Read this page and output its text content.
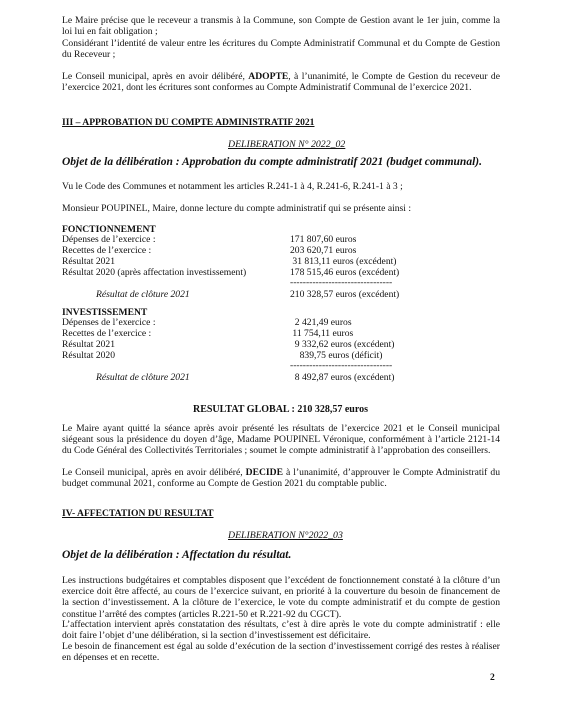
Le Maire précise que le receveur a transmis à la Commune, son Compte de Gestion avant le 1er juin, comme la loi lui en fait obligation ;
Considérant l’identité de valeur entre les écritures du Compte Administratif Communal et du Compte de Gestion du Receveur ;
Le Conseil municipal, après en avoir délibéré, ADOPTE, à l’unanimité, le Compte de Gestion du receveur de l’exercice 2021, dont les écritures sont conformes au Compte Administratif Communal de l’exercice 2021.
III – APPROBATION DU COMPTE ADMINISTRATIF 2021
DELIBERATION N° 2022_02
Objet de la délibération : Approbation du compte administratif 2021 (budget communal).
Vu le Code des Communes et notamment les articles R.241-1 à 4, R.241-6, R.241-1 à 3 ;
Monsieur POUPINEL, Maire, donne lecture du compte administratif qui se présente ainsi :
FONCTIONNEMENT
Dépenses de l’exercice :	171 807,60 euros
Recettes de l’exercice :	203 620,71 euros
Résultat 2021	31 813,11 euros (excédent)
Résultat 2020 (après affectation investissement)	178 515,46 euros (excédent)
--------------------------------
Résultat de clôture 2021	210 328,57 euros (excédent)
INVESTISSEMENT
Dépenses de l’exercice :	2 421,49 euros
Recettes de l’exercice :	11 754,11 euros
Résultat 2021	9 332,62 euros (excédent)
Résultat 2020	839,75 euros (déficit)
--------------------------------
Résultat de clôture 2021	8 492,87 euros (excédent)
RESULTAT GLOBAL : 210 328,57 euros
Le Maire ayant quitté la séance après avoir présenté les résultats de l’exercice 2021 et le Conseil municipal siégeant sous la présidence du doyen d’âge, Madame POUPINEL Véronique, conformément à l’article 2121-14 du Code Général des Collectivités Territoriales ; soumet le compte administratif à l’approbation des conseillers.
Le Conseil municipal, après en avoir délibéré, DECIDE à l’unanimité, d’approuver le Compte Administratif du budget communal 2021, conforme au Compte de Gestion 2021 du comptable public.
IV- AFFECTATION DU RESULTAT
DELIBERATION N°2022_03
Objet de la délibération : Affectation du résultat.
Les instructions budgétaires et comptables disposent que l’excédent de fonctionnement constaté à la clôture d’un exercice doit être affecté, au cours de l’exercice suivant, en priorité à la couverture du besoin de financement de la section d’investissement. A la clôture de l’exercice, le vote du compte administratif et du compte de gestion constitue l’arrêté des comptes (articles R.221-50 et R.221-92 du CGCT).
L’affectation intervient après constatation des résultats, c’est à dire après le vote du compte administratif : elle doit faire l’objet d’une délibération, si la section d’investissement est déficitaire.
Le besoin de financement est égal au solde d’exécution de la section d’investissement corrigé des restes à réaliser en dépenses et en recette.
2
